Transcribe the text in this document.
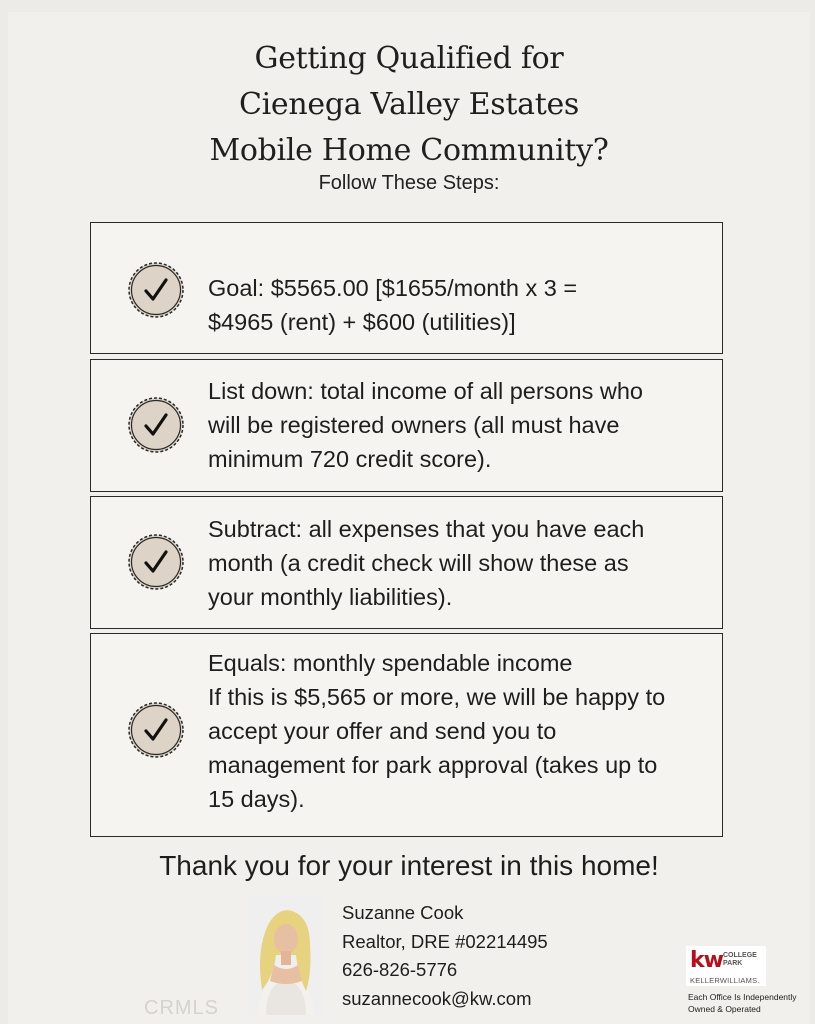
Getting Qualified for
Cienega Valley Estates
Mobile Home Community?
Follow These Steps:
Goal: $5565.00 [$1655/month x 3 =
$4965 (rent) + $600 (utilities)]
List down: total income of all persons who
will be registered owners (all must have
minimum 720 credit score).
Subtract: all expenses that you have each
month (a credit check will show these as
your monthly liabilities).
Equals: monthly spendable income
If this is $5,565 or more, we will be happy to
accept your offer and send you to
management for park approval (takes up to
15 days).
Thank you for your interest in this home!
Suzanne Cook
Realtor, DRE #02214495
626-826-5776
suzannecook@kw.com
CRMLS
kw COLLEGE
PARK
KELLERWILLIAMS.
Each Office Is Independently
Owned & Operated
